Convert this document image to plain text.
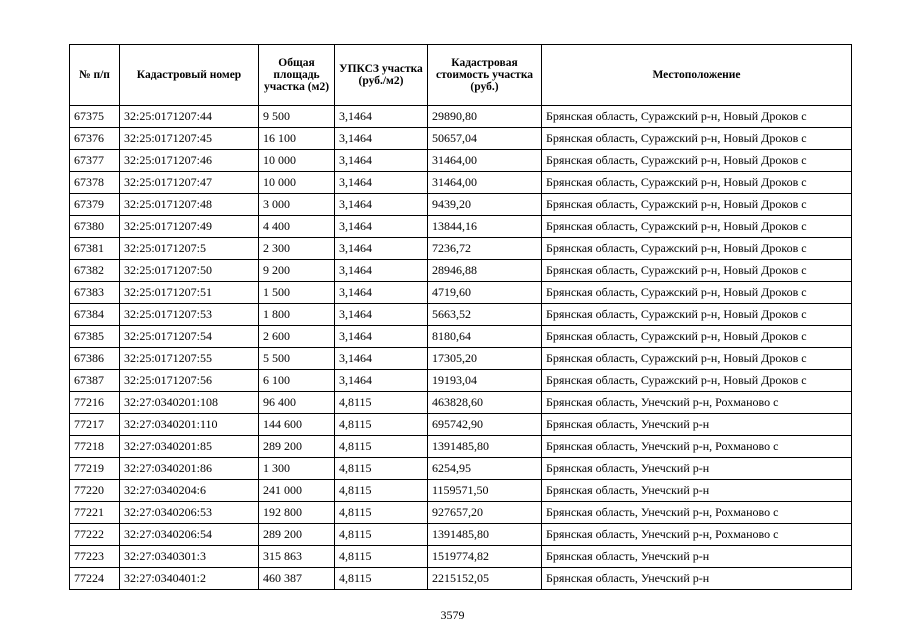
№ п/п	Кадастровый номер	Общая площадь участка (м2)	УПКСЗ участка (руб./м2)	Кадастровая стоимость участка (руб.)	Местоположение
67375	32:25:0171207:44	9 500	3,1464	29890,80	Брянская область, Суражский р-н, Новый Дроков с
67376	32:25:0171207:45	16 100	3,1464	50657,04	Брянская область, Суражский р-н, Новый Дроков с
67377	32:25:0171207:46	10 000	3,1464	31464,00	Брянская область, Суражский р-н, Новый Дроков с
67378	32:25:0171207:47	10 000	3,1464	31464,00	Брянская область, Суражский р-н, Новый Дроков с
67379	32:25:0171207:48	3 000	3,1464	9439,20	Брянская область, Суражский р-н, Новый Дроков с
67380	32:25:0171207:49	4 400	3,1464	13844,16	Брянская область, Суражский р-н, Новый Дроков с
67381	32:25:0171207:5	2 300	3,1464	7236,72	Брянская область, Суражский р-н, Новый Дроков с
67382	32:25:0171207:50	9 200	3,1464	28946,88	Брянская область, Суражский р-н, Новый Дроков с
67383	32:25:0171207:51	1 500	3,1464	4719,60	Брянская область, Суражский р-н, Новый Дроков с
67384	32:25:0171207:53	1 800	3,1464	5663,52	Брянская область, Суражский р-н, Новый Дроков с
67385	32:25:0171207:54	2 600	3,1464	8180,64	Брянская область, Суражский р-н, Новый Дроков с
67386	32:25:0171207:55	5 500	3,1464	17305,20	Брянская область, Суражский р-н, Новый Дроков с
67387	32:25:0171207:56	6 100	3,1464	19193,04	Брянская область, Суражский р-н, Новый Дроков с
77216	32:27:0340201:108	96 400	4,8115	463828,60	Брянская область, Унечский р-н, Рохманово с
77217	32:27:0340201:110	144 600	4,8115	695742,90	Брянская область, Унечский р-н
77218	32:27:0340201:85	289 200	4,8115	1391485,80	Брянская область, Унечский р-н, Рохманово с
77219	32:27:0340201:86	1 300	4,8115	6254,95	Брянская область, Унечский р-н
77220	32:27:0340204:6	241 000	4,8115	1159571,50	Брянская область, Унечский р-н
77221	32:27:0340206:53	192 800	4,8115	927657,20	Брянская область, Унечский р-н, Рохманово с
77222	32:27:0340206:54	289 200	4,8115	1391485,80	Брянская область, Унечский р-н, Рохманово с
77223	32:27:0340301:3	315 863	4,8115	1519774,82	Брянская область, Унечский р-н
77224	32:27:0340401:2	460 387	4,8115	2215152,05	Брянская область, Унечский р-н
3579
